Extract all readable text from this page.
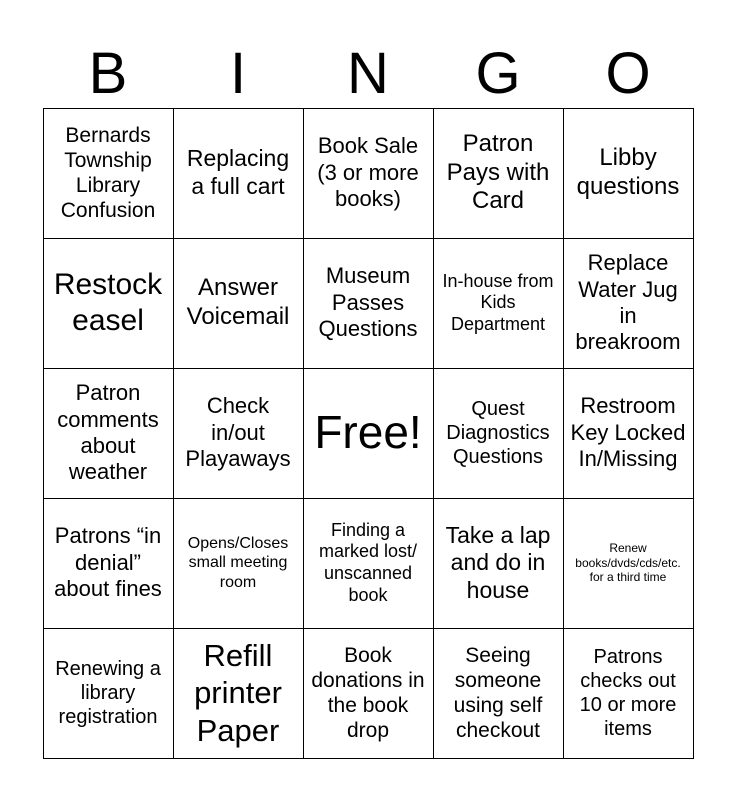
B	I	N	G	O
Bernards Township Library Confusion
Replacing a full cart
Book Sale (3 or more books)
Patron Pays with Card
Libby questions
Restock easel
Answer Voicemail
Museum Passes Questions
In-house from Kids Department
Replace Water Jug in breakroom
Patron comments about weather
Check in/out Playaways
Free!	Quest Diagnostics Questions
Restroom Key Locked In/Missing
Patrons “in denial” about fines
Opens/Closes small meeting room
Finding a marked lost/ unscanned book
Take a lap and do in house
Renew books/dvds/cds/etc. for a third time
Renewing a library registration
Refill printer Paper
Book donations in the book drop
Seeing someone using self checkout
Patrons checks out 10 or more items
